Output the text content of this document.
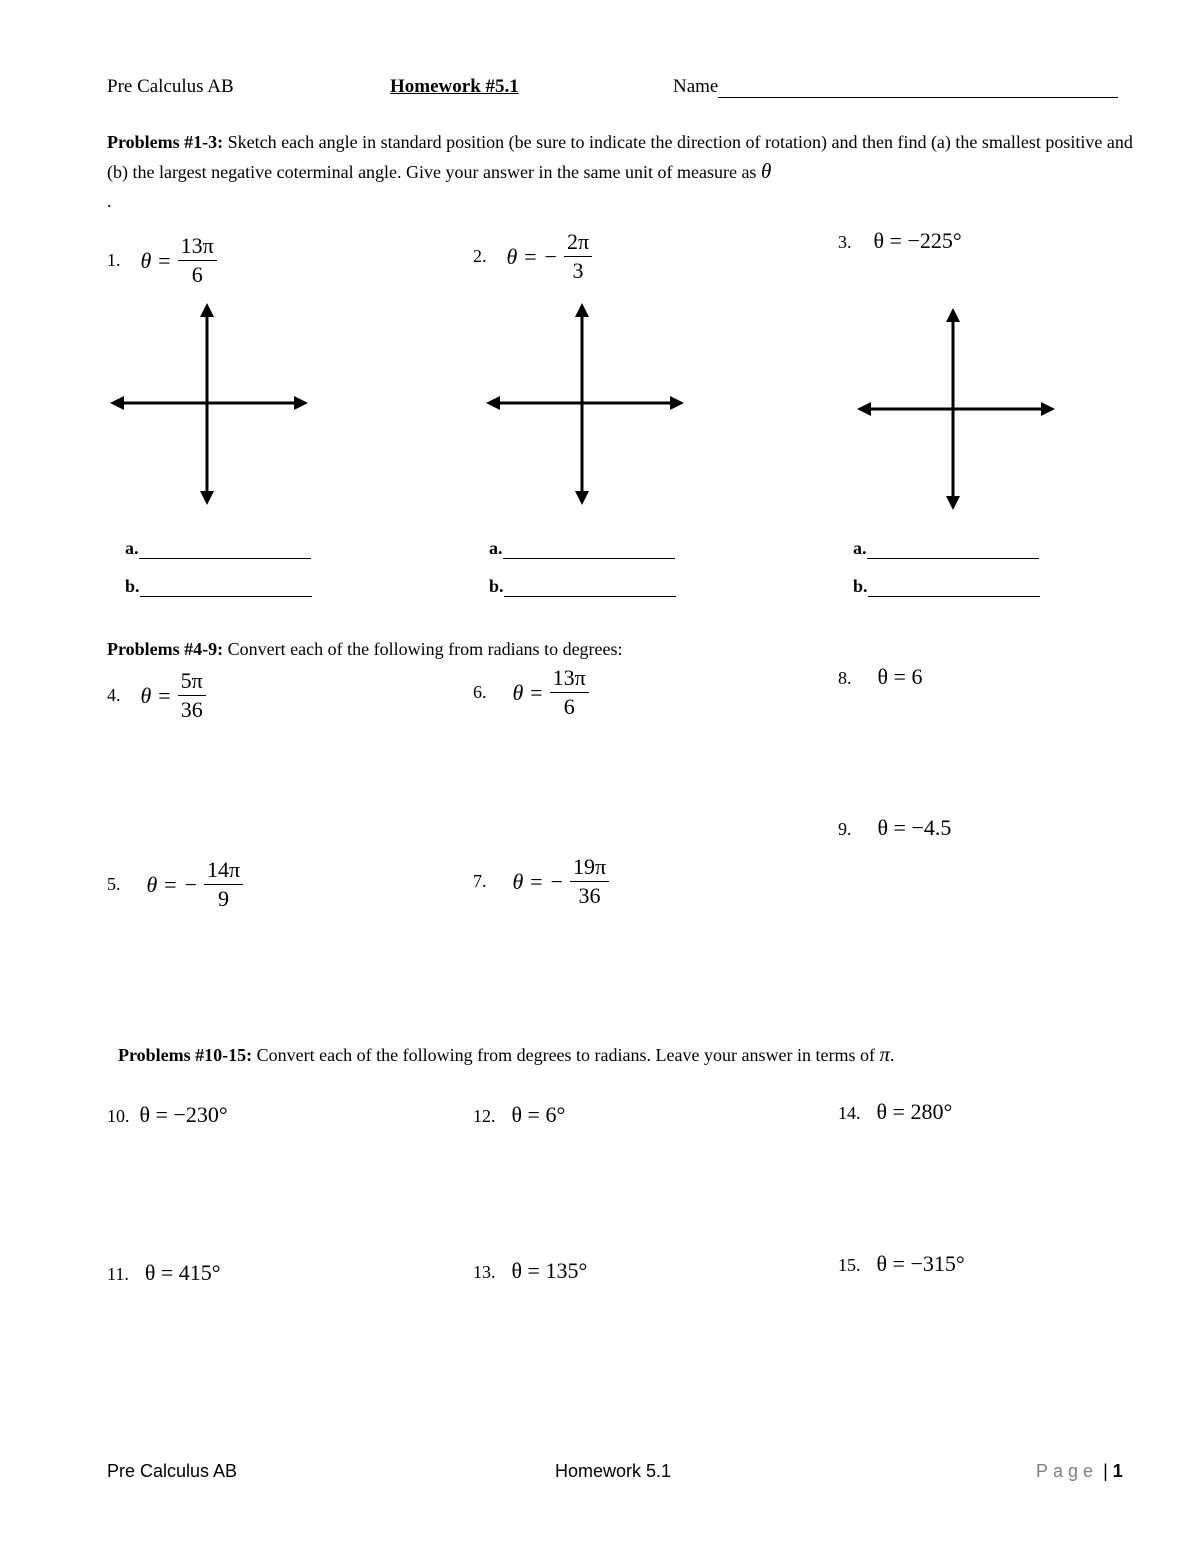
Pre Calculus AB	Homework #5.1	Name
Problems #1-3: Sketch each angle in standard position (be sure to indicate the direction of rotation) and then find (a) the smallest positive and (b) the largest negative coterminal angle. Give your answer in the same unit of measure as θ
.
1. $\theta = \frac{13\pi}{6}$	2. θ = − $\frac{2\pi}{3}$	3. θ = −225°
a.
b.
a.
b.
a.
b.
Problems #4-9: Convert each of the following from radians to degrees:
4. $\theta = \frac{5\pi}{36}$	6. $\theta = \frac{13\pi}{6}$	8. θ = 6
9. θ = −4.5
5. θ = − $\frac{14\pi}{9}$	7. θ = − $\frac{19\pi}{36}$
Problems #10-15: Convert each of the following from degrees to radians. Leave your answer in terms of π.
10. θ = −230°	12. θ = 6°	14. θ = 280°
11. θ = 415°	13. θ = 135°	15. θ = −315°
Pre Calculus AB	Homework 5.1	Page | 1
